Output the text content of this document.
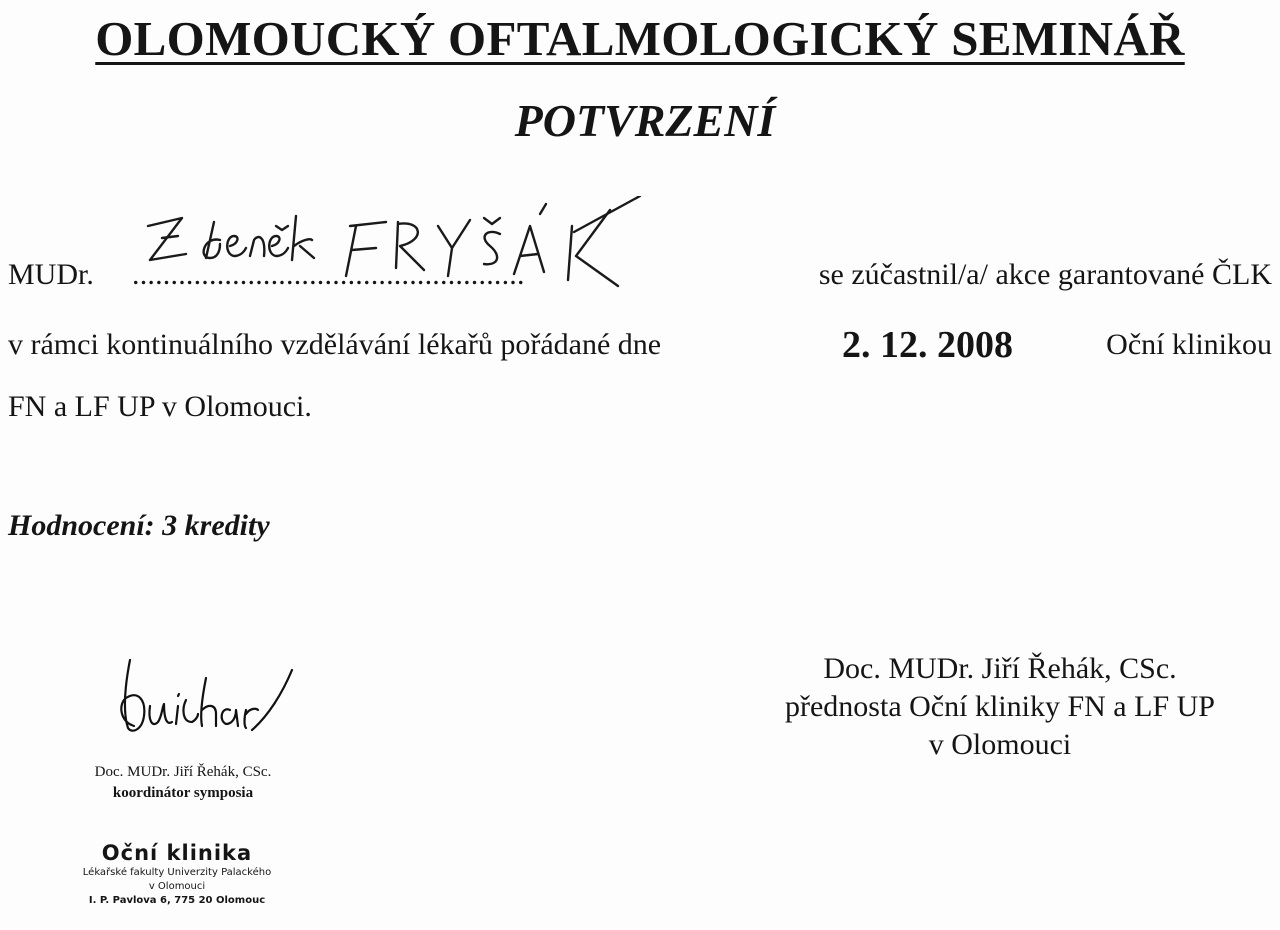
OLOMOUCKÝ OFTALMOLOGICKÝ SEMINÁŘ
POTVRZENÍ
MUDr. ...................................................	se zúčastnil/a/ akce garantované ČLK
v rámci kontinuálního vzdělávání lékařů pořádané dne	2. 12. 2008	Oční klinikou
FN a LF UP v Olomouci.
Hodnocení: 3 kredity
Doc. MUDr. Jiří Řehák, CSc.
koordinátor symposia
Oční klinika
Lékařské fakulty Univerzity Palackého
v Olomouci
I. P. Pavlova 6, 775 20 Olomouc
Doc. MUDr. Jiří Řehák, CSc.
přednosta Oční kliniky FN a LF UP
v Olomouci
